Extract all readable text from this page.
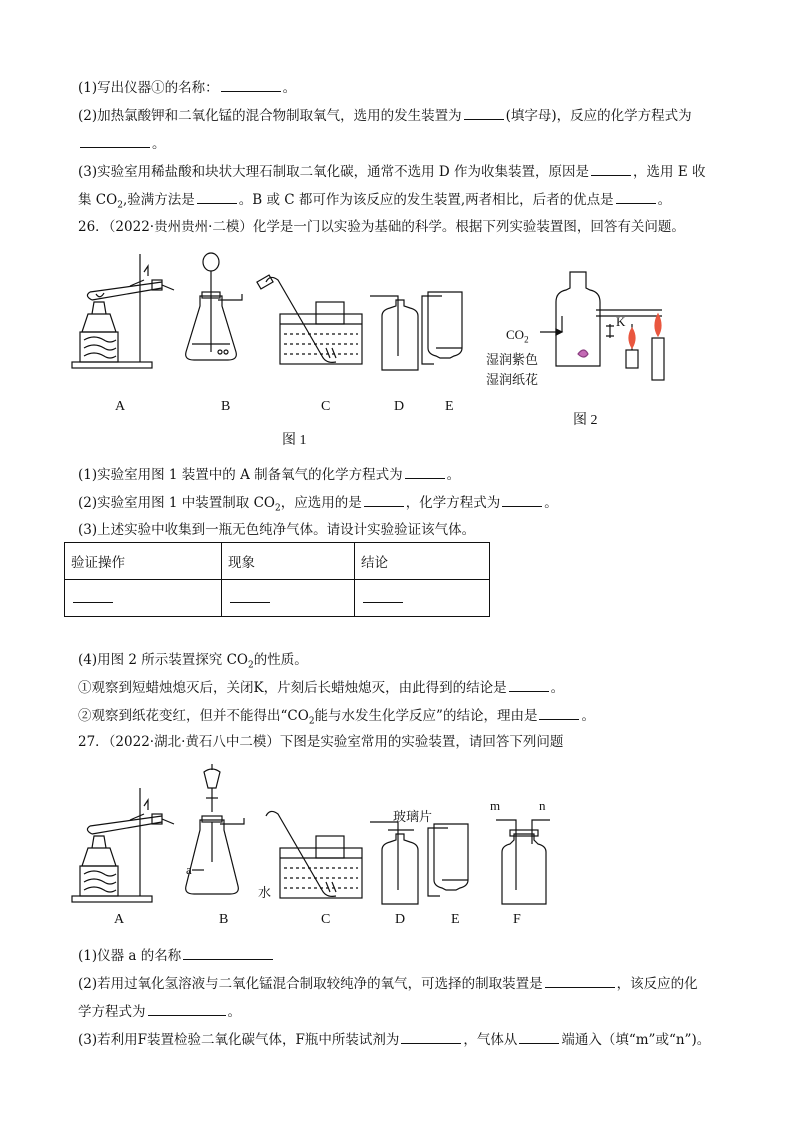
(1)写出仪器①的名称：	。
(2)加热氯酸钾和二氧化锰的混合物制取氧气，选用的发生装置为	(填字母)，反应的化学方程式为
。
(3)实验室用稀盐酸和块状大理石制取二氧化碳，通常不选用 D 作为收集装置，原因是	，选用 E 收
集 $CO_2$,验满方法是	。B 或 C 都可作为该反应的发生装置,两者相比，后者的优点是	。
26．（2022·贵州贵州·二模）化学是一门以实验为基础的科学。根据下列实验装置图，回答有关问题。
A	B	C	D	E
图 1
$CO_2$
K
湿润紫色
湿润纸花
图 2
(1)实验室用图 1 装置中的 A 制备氧气的化学方程式为	。
(2)实验室用图 1 中装置制取 $CO_2$，应选用的是	，化学方程式为	。
(3)上述实验中收集到一瓶无色纯净气体。请设计实验验证该气体。
验证操作	现象	结论

(4)用图 2 所示装置探究 $CO_2$的性质。
①观察到短蜡烛熄灭后，关闭K，片刻后长蜡烛熄灭，由此得到的结论是	。
②观察到纸花变红，但并不能得出“$CO_2$能与水发生化学反应”的结论，理由是	。
27．（2022·湖北·黄石八中二模）下图是实验室常用的实验装置，请回答下列问题
a
水
玻璃片
m	n
A	B	C	D	E	F
(1)仪器 a 的名称
(2)若用过氧化氢溶液与二氧化锰混合制取较纯净的氧气，可选择的制取装置是	，该反应的化
学方程式为	。
(3)若利用F装置检验二氧化碳气体，F瓶中所装试剂为	，气体从	端通入（填“m”或“n”)。
